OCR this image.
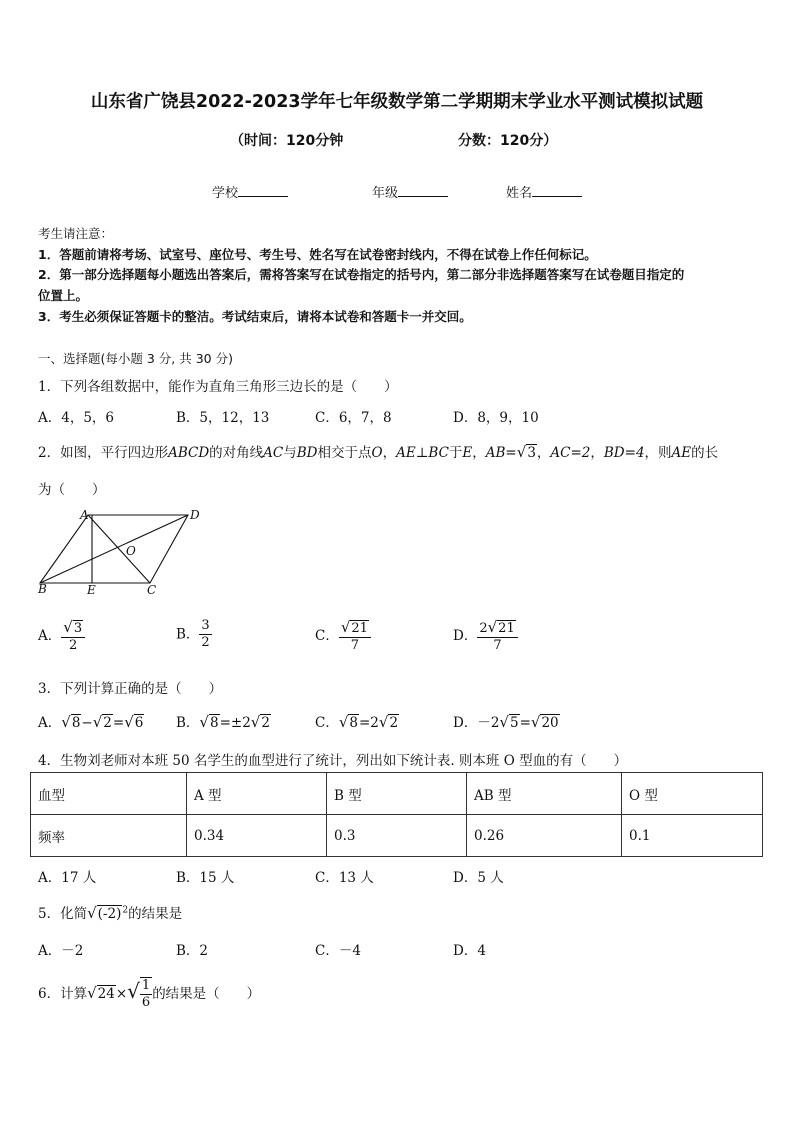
山东省广饶县2022-2023学年七年级数学第二学期期末学业水平测试模拟试题
（时间：120分钟	分数：120分）
学校	年级	姓名
考生请注意：
1．答题前请将考场、试室号、座位号、考生号、姓名写在试卷密封线内，不得在试卷上作任何标记。
2．第一部分选择题每小题选出答案后，需将答案写在试卷指定的括号内，第二部分非选择题答案写在试卷题目指定的
位置上。
3．考生必须保证答题卡的整洁。考试结束后，请将本试卷和答题卡一并交回。
一、选择题(每小题 3 分, 共 30 分)
1．下列各组数据中，能作为直角三角形三边长的是（　　）
A．4，5，6	B．5，12，13	C．6，7，8	D．8，9，10
2．如图，平行四边形ABCD的对角线AC与BD相交于点O，AE⊥BC于E，AB=√3，AC=2，BD=4，则AE的长
为（　　）
A	D
O
B	E	C
A． $\frac{√3}{2}$	B． $\frac{3}{2}$	C． $\frac{√21}{7}$	D． $\frac{2√21}{7}$
3．下列计算正确的是（　　）
A．√8−√2=√6 B．√8=±2√2	C．√8=2√2	D．－2√5=√20
4．生物刘老师对本班 50 名学生的血型进行了统计，列出如下统计表. 则本班 O 型血的有（　　）
血型	A 型	B 型	AB 型	O 型
频率	0.34	0.3	0.26	0.1
A．17 人	B．15 人	C．13 人	D．5 人
5．化简$√(-2)^2$的结果是
A．－2	B．2	C．－4	D．4
6．计算$√24\times√ \frac{1}{6}$ 的结果是（　　）
